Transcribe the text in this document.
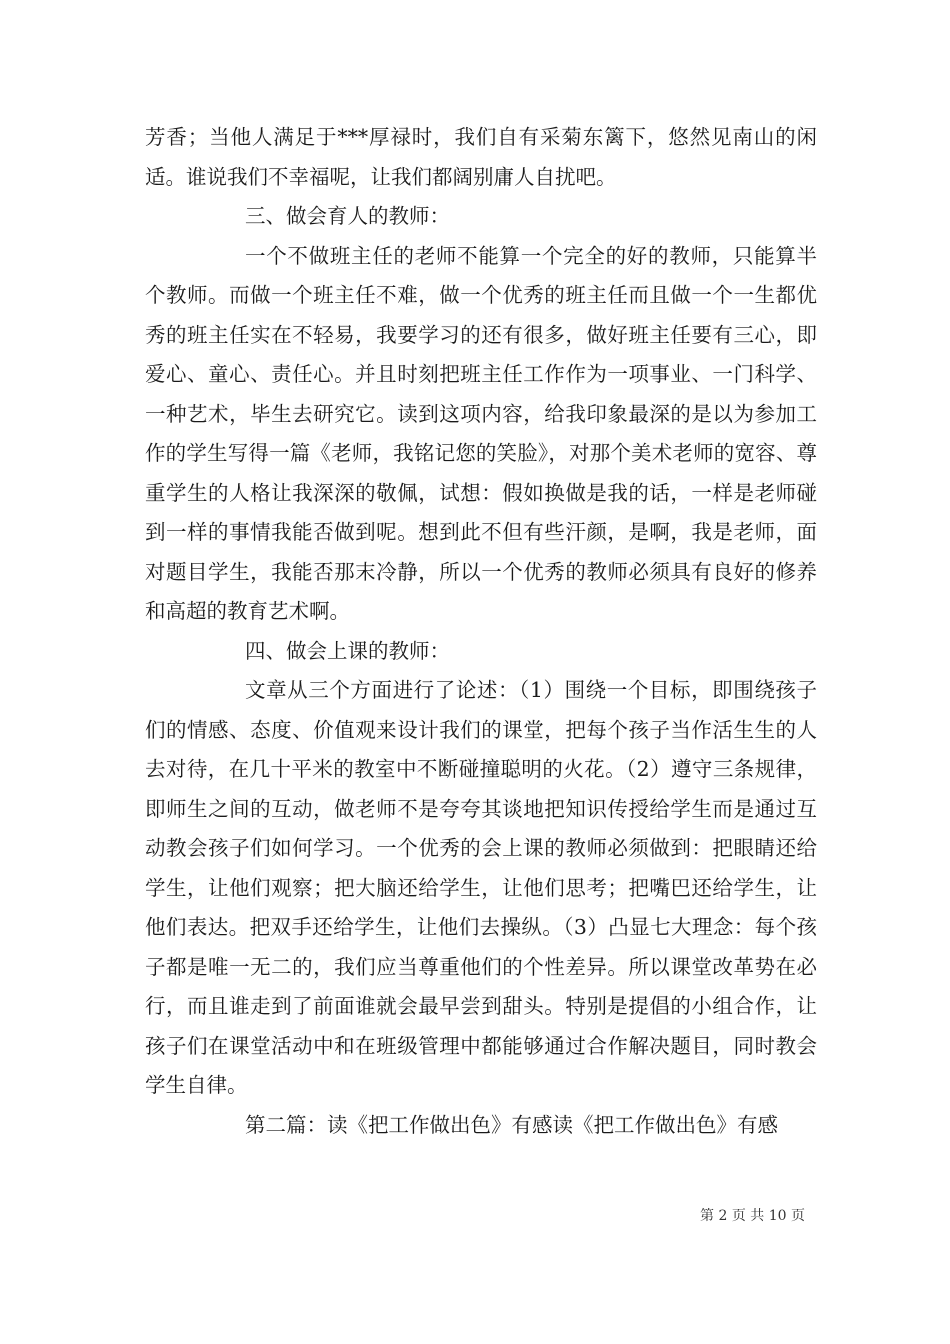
芳香；当他人满足于***厚禄时，我们自有采菊东篱下，悠然见南山的闲适。谁说我们不幸福呢，让我们都阔别庸人自扰吧。

三、做会育人的教师：

一个不做班主任的老师不能算一个完全的好的教师，只能算半个教师。而做一个班主任不难，做一个优秀的班主任而且做一个一生都优秀的班主任实在不轻易，我要学习的还有很多，做好班主任要有三心，即爱心、童心、责任心。并且时刻把班主任工作作为一项事业、一门科学、一种艺术，毕生去研究它。读到这项内容，给我印象最深的是以为参加工作的学生写得一篇《老师，我铭记您的笑脸》，对那个美术老师的宽容、尊重学生的人格让我深深的敬佩，试想：假如换做是我的话，一样是老师碰到一样的事情我能否做到呢。想到此不但有些汗颜，是啊，我是老师，面对题目学生，我能否那末冷静，所以一个优秀的教师必须具有良好的修养和高超的教育艺术啊。

四、做会上课的教师：

文章从三个方面进行了论述：（1）围绕一个目标，即围绕孩子们的情感、态度、价值观来设计我们的课堂，把每个孩子当作活生生的人去对待，在几十平米的教室中不断碰撞聪明的火花。（2）遵守三条规律，即师生之间的互动，做老师不是夸夸其谈地把知识传授给学生而是通过互动教会孩子们如何学习。一个优秀的会上课的教师必须做到：把眼睛还给学生，让他们观察；把大脑还给学生，让他们思考；把嘴巴还给学生，让他们表达。把双手还给学生，让他们去操纵。（3）凸显七大理念：每个孩子都是唯一无二的，我们应当尊重他们的个性差异。所以课堂改革势在必行，而且谁走到了前面谁就会最早尝到甜头。特别是提倡的小组合作，让孩子们在课堂活动中和在班级管理中都能够通过合作解决题目，同时教会学生自律。

第二篇：读《把工作做出色》有感读《把工作做出色》有感

第 2 页 共 10 页
